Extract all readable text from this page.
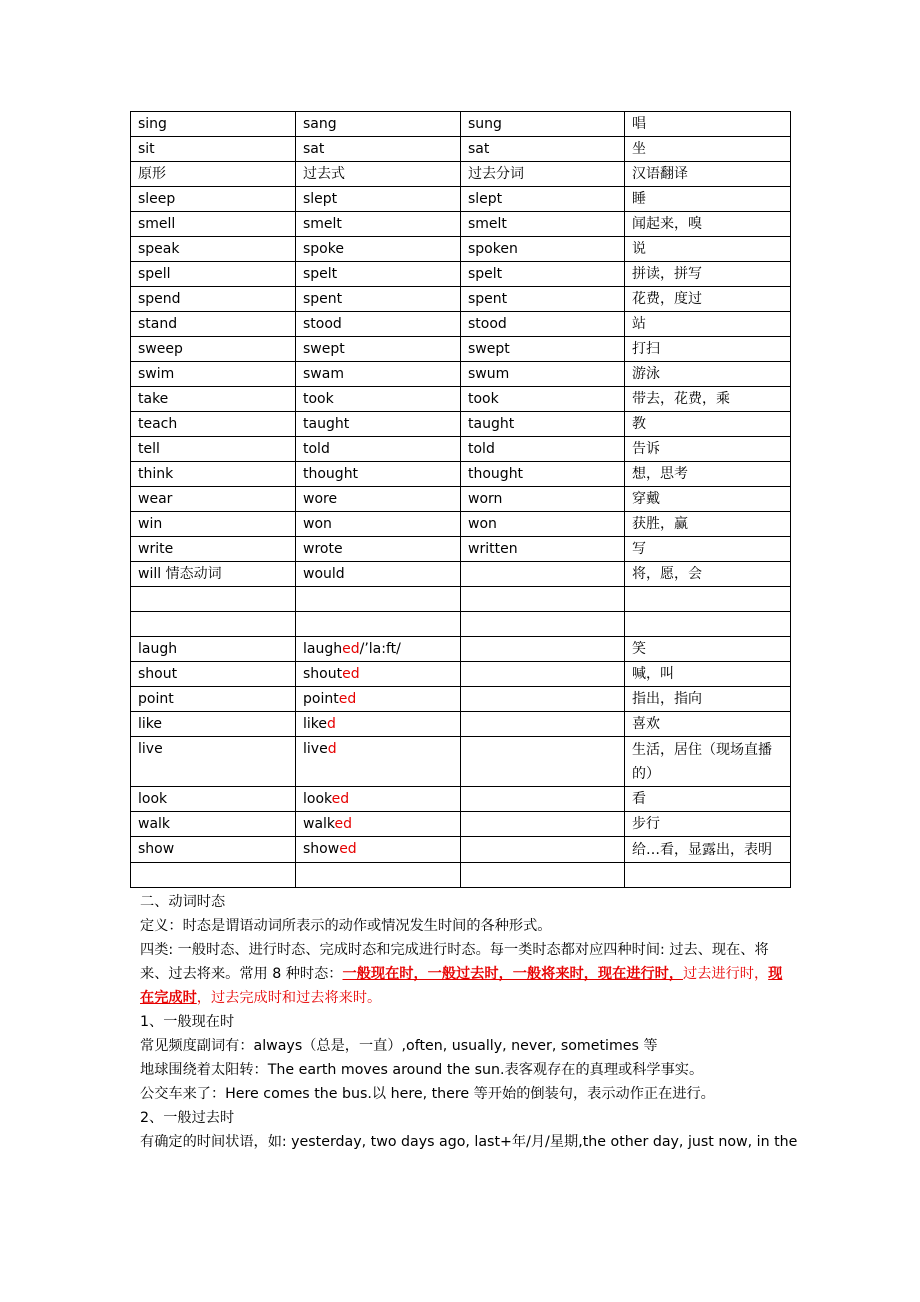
sing	sang	sung	唱
sit	sat	sat	坐
原形	过去式	过去分词	汉语翻译
sleep	slept	slept	睡
smell	smelt	smelt	闻起来，嗅
speak	spoke	spoken	说
spell	spelt	spelt	拼读，拼写
spend	spent	spent	花费，度过
stand	stood	stood	站
sweep	swept	swept	打扫
swim	swam	swum	游泳
take	took	took	带去，花费，乘
teach	taught	taught	教
tell	told	told	告诉
think	thought	thought	想，思考
wear	wore	worn	穿戴
win	won	won	获胜，赢
write	wrote	written	写
will 情态动词	would		将，愿，会

laugh	laughed/’la:ft/		笑
shout	shouted		喊，叫
point	pointed		指出，指向
like	liked		喜欢
live	lived		生活，居住（现场直播的）
look	looked		看
walk	walked		步行
show	showed		给…看，显露出，表明

二、动词时态

定义：时态是谓语动词所表示的动作或情况发生时间的各种形式。

四类: 一般时态、进行时态、完成时态和完成进行时态。每一类时态都对应四种时间: 过去、现在、将来、过去将来。常用 8 种时态：一般现在时，一般过去时，一般将来时，现在进行时，过去进行时，现在完成时，过去完成时和过去将来时。

1、一般现在时

常见频度副词有：always（总是，一直）,often, usually, never, sometimes 等

地球围绕着太阳转：The earth moves around the sun.表客观存在的真理或科学事实。

公交车来了：Here comes the bus.以 here, there 等开始的倒装句，表示动作正在进行。

2、一般过去时

有确定的时间状语，如: yesterday, two days ago, last+年/月/星期,the other day, just now, in the
